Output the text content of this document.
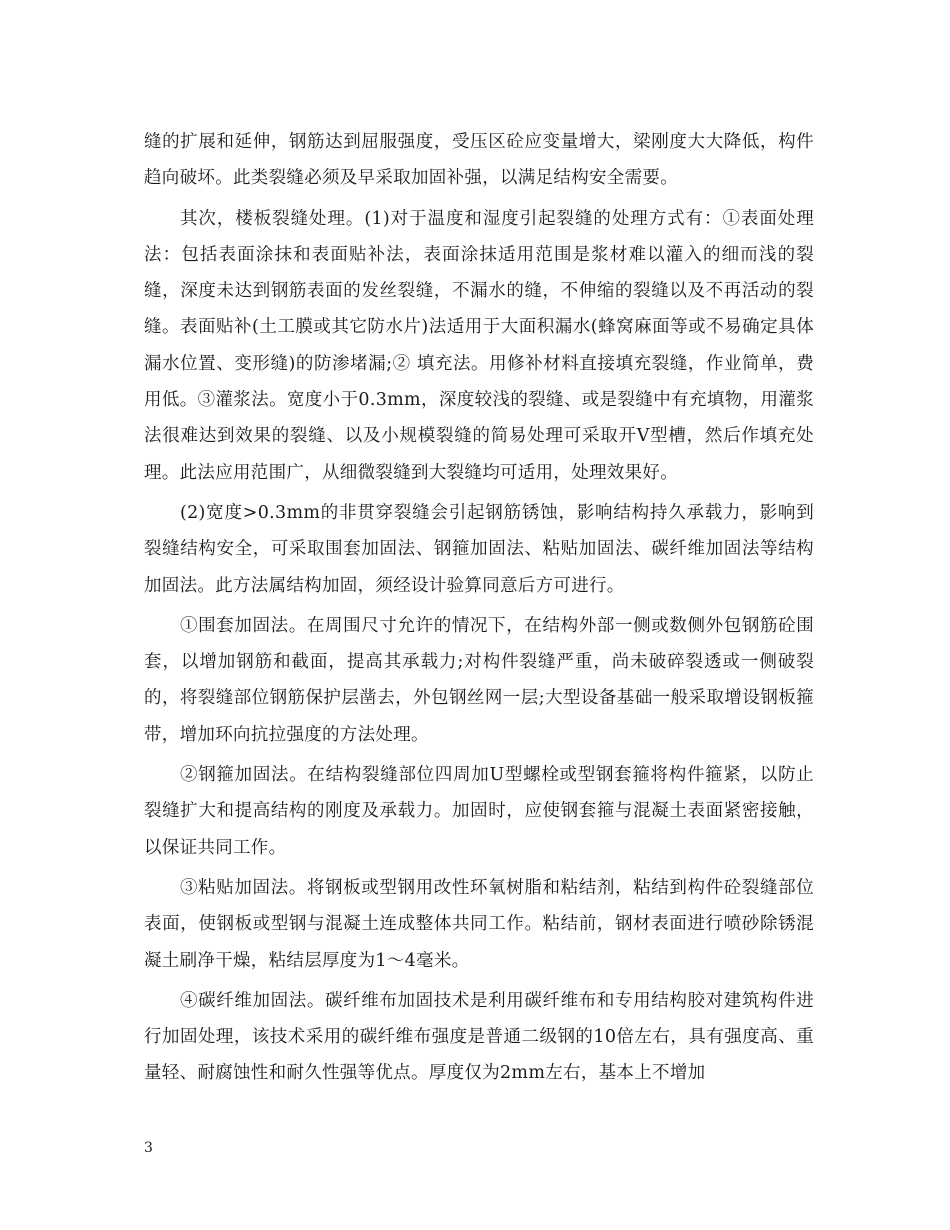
缝的扩展和延伸，钢筋达到屈服强度，受压区砼应变量增大，梁刚度大大降低，构件趋向破坏。此类裂缝必须及早采取加固补强，以满足结构安全需要。

其次，楼板裂缝处理。(1)对于温度和湿度引起裂缝的处理方式有：①表面处理法：包括表面涂抹和表面贴补法，表面涂抹适用范围是浆材难以灌入的细而浅的裂缝，深度未达到钢筋表面的发丝裂缝，不漏水的缝，不伸缩的裂缝以及不再活动的裂缝。表面贴补(土工膜或其它防水片)法适用于大面积漏水(蜂窝麻面等或不易确定具体漏水位置、变形缝)的防渗堵漏;② 填充法。用修补材料直接填充裂缝，作业简单，费用低。③灌浆法。宽度小于0.3mm，深度较浅的裂缝、或是裂缝中有充填物，用灌浆法很难达到效果的裂缝、以及小规模裂缝的简易处理可采取开V型槽，然后作填充处理。此法应用范围广，从细微裂缝到大裂缝均可适用，处理效果好。

(2)宽度>0.3mm的非贯穿裂缝会引起钢筋锈蚀，影响结构持久承载力，影响到裂缝结构安全，可采取围套加固法、钢箍加固法、粘贴加固法、碳纤维加固法等结构加固法。此方法属结构加固，须经设计验算同意后方可进行。

①围套加固法。在周围尺寸允许的情况下，在结构外部一侧或数侧外包钢筋砼围套，以增加钢筋和截面，提高其承载力;对构件裂缝严重，尚未破碎裂透或一侧破裂的，将裂缝部位钢筋保护层凿去，外包钢丝网一层;大型设备基础一般采取增设钢板箍带，增加环向抗拉强度的方法处理。

②钢箍加固法。在结构裂缝部位四周加U型螺栓或型钢套箍将构件箍紧，以防止裂缝扩大和提高结构的刚度及承载力。加固时，应使钢套箍与混凝土表面紧密接触，以保证共同工作。

③粘贴加固法。将钢板或型钢用改性环氧树脂和粘结剂，粘结到构件砼裂缝部位表面，使钢板或型钢与混凝土连成整体共同工作。粘结前，钢材表面进行喷砂除锈混凝土刷净干燥，粘结层厚度为1～4毫米。

④碳纤维加固法。碳纤维布加固技术是利用碳纤维布和专用结构胶对建筑构件进行加固处理，该技术采用的碳纤维布强度是普通二级钢的10倍左右，具有强度高、重量轻、耐腐蚀性和耐久性强等优点。厚度仅为2mm左右，基本上不增加

3
